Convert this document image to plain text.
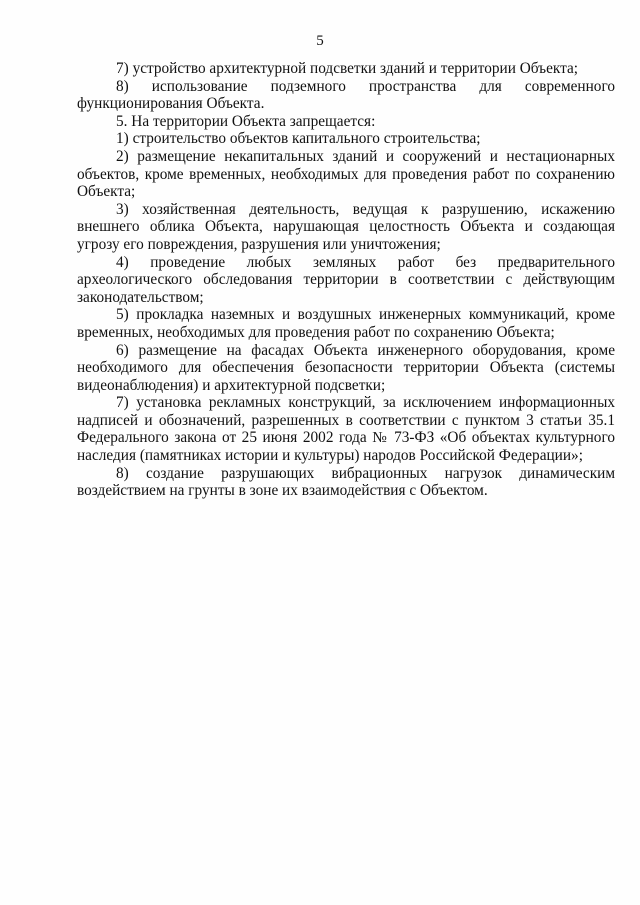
5

7) устройство архитектурной подсветки зданий и территории Объекта;

8) использование подземного пространства для современного функционирования Объекта.

5. На территории Объекта запрещается:

1) строительство объектов капитального строительства;

2) размещение некапитальных зданий и сооружений и нестационарных объектов, кроме временных, необходимых для проведения работ по сохранению Объекта;

3) хозяйственная деятельность, ведущая к разрушению, искажению внешнего облика Объекта, нарушающая целостность Объекта и создающая угрозу его повреждения, разрушения или уничтожения;

4) проведение любых земляных работ без предварительного археологического обследования территории в соответствии с действующим законодательством;

5) прокладка наземных и воздушных инженерных коммуникаций, кроме временных, необходимых для проведения работ по сохранению Объекта;

6) размещение на фасадах Объекта инженерного оборудования, кроме необходимого для обеспечения безопасности территории Объекта (системы видеонаблюдения) и архитектурной подсветки;

7) установка рекламных конструкций, за исключением информационных надписей и обозначений, разрешенных в соответствии с пунктом 3 статьи 35.1 Федерального закона от 25 июня 2002 года № 73-ФЗ «Об объектах культурного наследия (памятниках истории и культуры) народов Российской Федерации»;

8) создание разрушающих вибрационных нагрузок динамическим воздействием на грунты в зоне их взаимодействия с Объектом.
